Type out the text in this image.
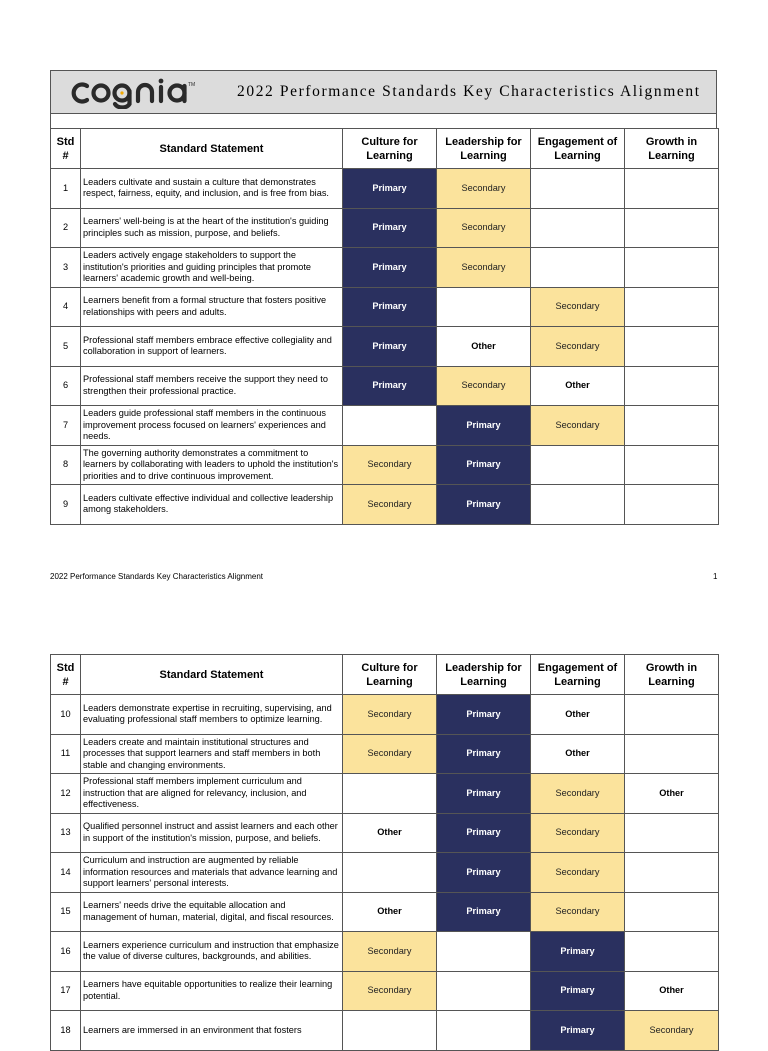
TM	2022 Performance Standards Key Characteristics Alignment
Std #	Standard Statement	Culture for Learning	Leadership for Learning	Engagement of Learning	Growth in Learning
1	Leaders cultivate and sustain a culture that demonstrates respect, fairness, equity, and inclusion, and is free from bias.	Primary	Secondary		
2	Learners' well-being is at the heart of the institution's guiding principles such as mission, purpose, and beliefs.	Primary	Secondary		
3	Leaders actively engage stakeholders to support the institution's priorities and guiding principles that promote learners' academic growth and well-being.	Primary	Secondary		
4	Learners benefit from a formal structure that fosters positive relationships with peers and adults.	Primary		Secondary	
5	Professional staff members embrace effective collegiality and collaboration in support of learners.	Primary	Other	Secondary	
6	Professional staff members receive the support they need to strengthen their professional practice.	Primary	Secondary	Other	
7	Leaders guide professional staff members in the continuous improvement process focused on learners' experiences and needs.		Primary	Secondary	
8	The governing authority demonstrates a commitment to learners by collaborating with leaders to uphold the institution's priorities and to drive continuous improvement.	Secondary	Primary		
9	Leaders cultivate effective individual and collective leadership among stakeholders.	Secondary	Primary		
2022 Performance Standards Key Characteristics Alignment	1
Std #	Standard Statement	Culture for Learning	Leadership for Learning	Engagement of Learning	Growth in Learning
10	Leaders demonstrate expertise in recruiting, supervising, and evaluating professional staff members to optimize learning.	Secondary	Primary	Other	
11	Leaders create and maintain institutional structures and processes that support learners and staff members in both stable and changing environments.	Secondary	Primary	Other	
12	Professional staff members implement curriculum and instruction that are aligned for relevancy, inclusion, and effectiveness.		Primary	Secondary	Other
13	Qualified personnel instruct and assist learners and each other in support of the institution's mission, purpose, and beliefs.	Other	Primary	Secondary	
14	Curriculum and instruction are augmented by reliable information resources and materials that advance learning and support learners' personal interests.		Primary	Secondary	
15	Learners' needs drive the equitable allocation and management of human, material, digital, and fiscal resources.	Other	Primary	Secondary	
16	Learners experience curriculum and instruction that emphasize the value of diverse cultures, backgrounds, and abilities.	Secondary		Primary	
17	Learners have equitable opportunities to realize their learning potential.	Secondary		Primary	Other
18	Learners are immersed in an environment that fosters			Primary	Secondary
